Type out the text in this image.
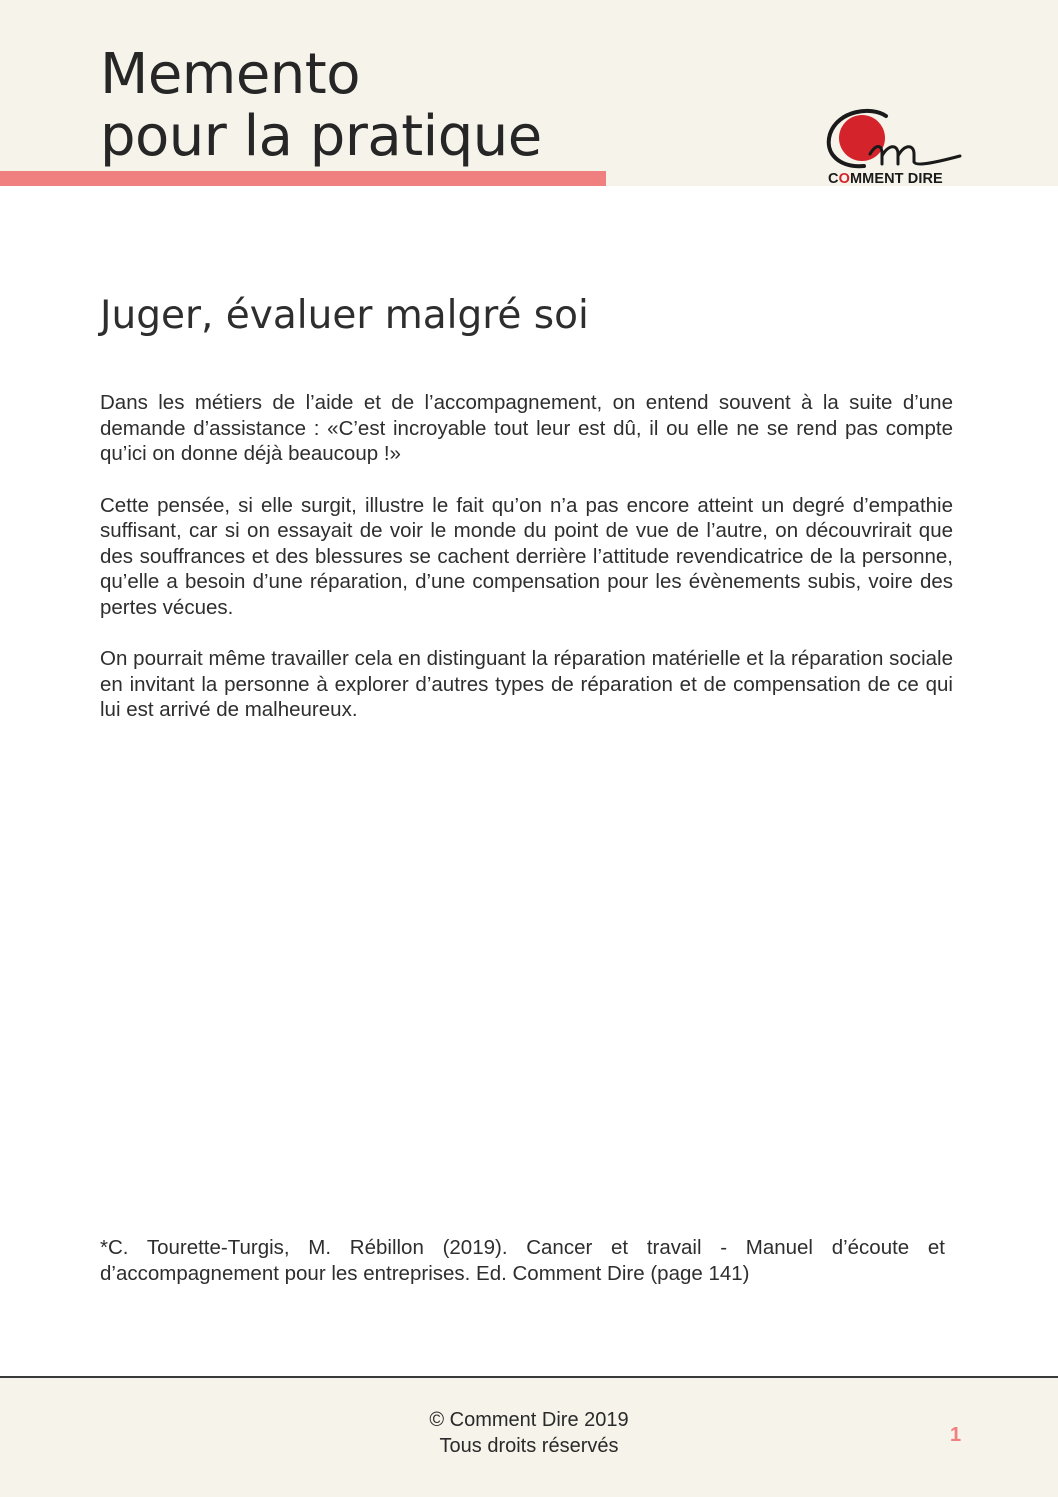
Memento
pour la pratique
COMMENT DIRE
Juger, évaluer malgré soi

Dans les métiers de l’aide et de l’accompagnement, on entend souvent à la suite d’une demande d’assistance : «C’est incroyable tout leur est dû, il ou elle ne se rend pas compte qu’ici on donne déjà beaucoup !»

Cette pensée, si elle surgit, illustre le fait qu’on n’a pas encore atteint un degré d’empathie suffisant, car si on essayait de voir le monde du point de vue de l’autre, on découvrirait que des souffrances et des blessures se cachent derrière l’attitude revendicatrice de la personne, qu’elle a besoin d’une réparation, d’une compensation pour les évènements subis, voire des pertes vécues.

On pourrait même travailler cela en distinguant la réparation matérielle et la réparation sociale en invitant la personne à explorer d’autres types de réparation et de compensation de ce qui lui est arrivé de malheureux.

*C. Tourette-Turgis, M. Rébillon (2019). Cancer et travail - Manuel d’écoute et d’accompagnement pour les entreprises. Ed. Comment Dire (page 141)

© Comment Dire 2019
Tous droits réservés	1
